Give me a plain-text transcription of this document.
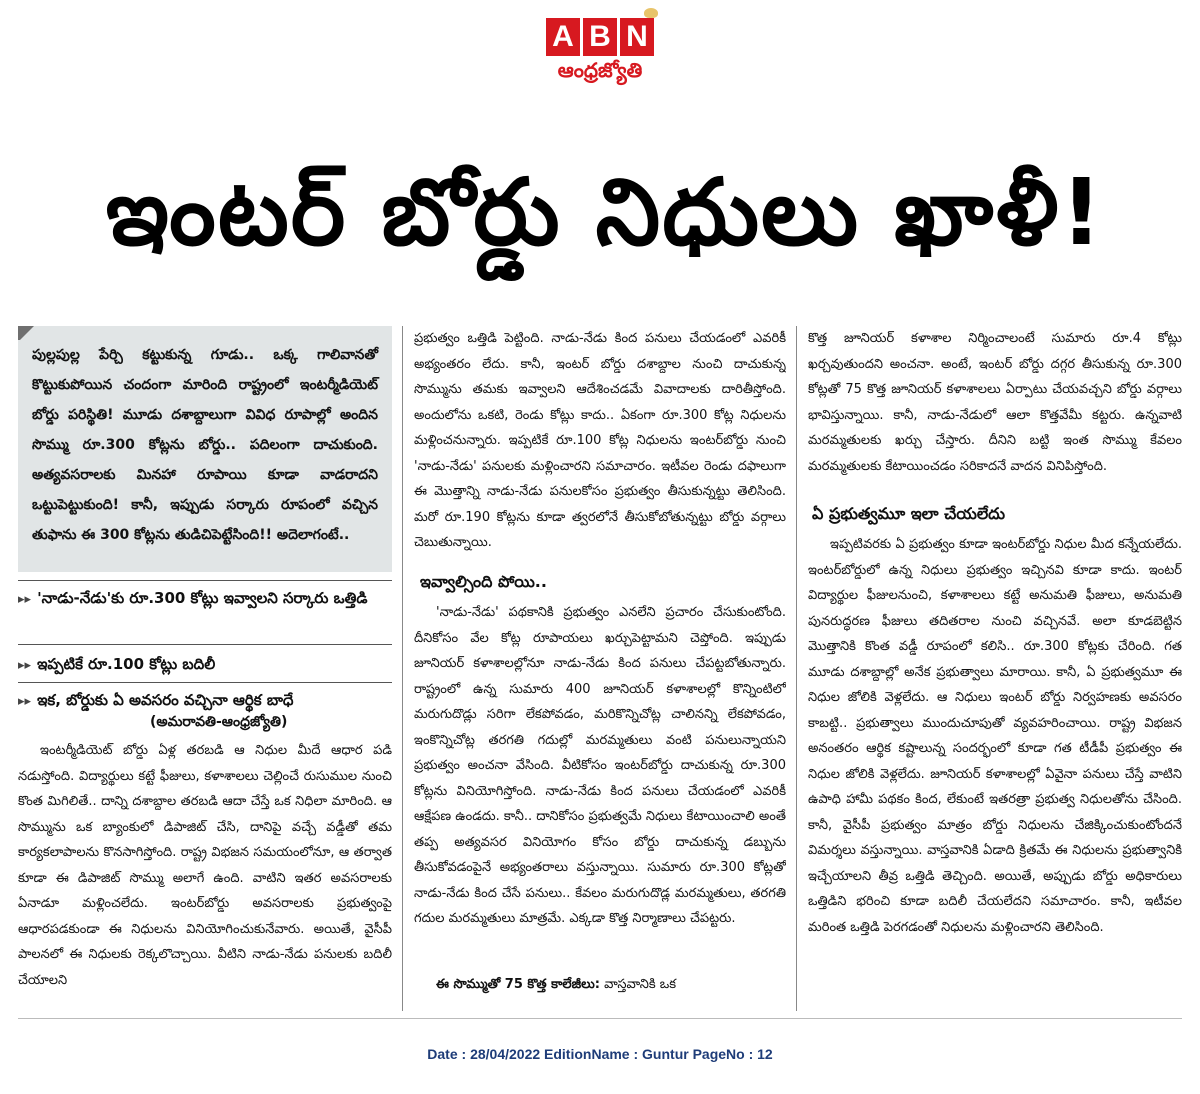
A B N
ఆంధ్రజ్యోతి
ఇంటర్ బోర్డు నిధులు ఖాళీ!

పుల్లపుల్ల పేర్చి కట్టుకున్న గూడు.. ఒక్క గాలివానతో కొట్టుకుపోయిన చందంగా మారింది రాష్ట్రంలో ఇంటర్మీడియెట్ బోర్డు పరిస్థితి! మూడు దశాబ్దాలుగా వివిధ రూపాల్లో అందిన సొమ్ము రూ.300 కోట్లను బోర్డు.. పదిలంగా దాచుకుంది. అత్యవసరాలకు మినహా రూపాయి కూడా వాడరాదని ఒట్టుపెట్టుకుంది! కానీ, ఇప్పుడు సర్కారు రూపంలో వచ్చిన తుఫాను ఈ 300 కోట్లను తుడిచిపెట్టేసింది!! అదెలాగంటే..

▸▸ 'నాడు-నేడు'కు రూ.300 కోట్లు ఇవ్వాలని సర్కారు ఒత్తిడి
▸▸ ఇప్పటికే రూ.100 కోట్లు బదిలీ
▸▸ ఇక, బోర్డుకు ఏ అవసరం వచ్చినా ఆర్థిక బాధే
(అమరావతి-ఆంధ్రజ్యోతి)

ఇంటర్మీడియెట్ బోర్డు ఏళ్ల తరబడి ఆ నిధుల మీదే ఆధార పడి నడుస్తోంది. విద్యార్థులు కట్టే ఫీజులు, కళాశాలలు చెల్లించే రుసుముల నుంచి కొంత మిగిలితే.. దాన్ని దశాబ్దాల తరబడి ఆదా చేస్తే ఒక నిధిలా మారింది. ఆ సొమ్మును ఒక బ్యాంకులో డిపాజిట్ చేసి, దానిపై వచ్చే వడ్డీతో తమ కార్యకలాపాలను కొనసాగిస్తోంది. రాష్ట్ర విభజన సమయంలోనూ, ఆ తర్వాత కూడా ఈ డిపాజిట్ సొమ్ము అలాగే ఉంది. వాటిని ఇతర అవసరాలకు ఏనాడూ మళ్లించలేదు. ఇంటర్‌బోర్డు అవసరాలకు ప్రభుత్వంపై ఆధారపడకుండా ఈ నిధులను వినియోగించుకునేవారు. అయితే, వైసీపీ పాలనలో ఈ నిధులకు రెక్కలొచ్చాయి. వీటిని నాడు-నేడు పనులకు బదిలీ చేయాలని

ప్రభుత్వం ఒత్తిడి పెట్టింది. నాడు-నేడు కింద పనులు చేయడంలో ఎవరికీ అభ్యంతరం లేదు. కానీ, ఇంటర్ బోర్డు దశాబ్దాల నుంచి దాచుకున్న సొమ్మును తమకు ఇవ్వాలని ఆదేశించడమే వివాదాలకు దారితీస్తోంది. అందులోను ఒకటి, రెండు కోట్లు కాదు.. ఏకంగా రూ.300 కోట్ల నిధులను మళ్లించనున్నారు. ఇప్పటికే రూ.100 కోట్ల నిధులను ఇంటర్‌బోర్డు నుంచి 'నాడు-నేడు' పనులకు మళ్లించారని సమాచారం. ఇటీవల రెండు దఫాలుగా ఈ మొత్తాన్ని నాడు-నేడు పనులకోసం ప్రభుత్వం తీసుకున్నట్టు తెలిసింది. మరో రూ.190 కోట్లను కూడా త్వరలోనే తీసుకోబోతున్నట్టు బోర్డు వర్గాలు చెబుతున్నాయి.

ఇవ్వాల్సింది పోయి..

'నాడు-నేడు' పథకానికి ప్రభుత్వం ఎనలేని ప్రచారం చేసుకుంటోంది. దీనికోసం వేల కోట్ల రూపాయలు ఖర్చుపెట్టామని చెప్తోంది. ఇప్పుడు జూనియర్ కళాశాలల్లోనూ నాడు-నేడు కింద పనులు చేపట్టబోతున్నారు. రాష్ట్రంలో ఉన్న సుమారు 400 జూనియర్ కళాశాలల్లో కొన్నింటిలో మరుగుదొడ్లు సరిగా లేకపోవడం, మరికొన్నిచోట్ల చాలినన్ని లేకపోవడం, ఇంకొన్నిచోట్ల తరగతి గదుల్లో మరమ్మతులు వంటి పనులున్నాయని ప్రభుత్వం అంచనా వేసింది. వీటికోసం ఇంటర్‌బోర్డు దాచుకున్న రూ.300 కోట్లను వినియోగిస్తోంది. నాడు-నేడు కింద పనులు చేయడంలో ఎవరికీ ఆక్షేపణ ఉండదు. కానీ.. దానికోసం ప్రభుత్వమే నిధులు కేటాయించాలి అంతే తప్ప అత్యవసర వినియోగం కోసం బోర్డు దాచుకున్న డబ్బును తీసుకోవడంపైనే అభ్యంతరాలు వస్తున్నాయి. సుమారు రూ.300 కోట్లతో నాడు-నేడు కింద చేసే పనులు.. కేవలం మరుగుదొడ్ల మరమ్మతులు, తరగతి గదుల మరమ్మతులు మాత్రమే. ఎక్కడా కొత్త నిర్మాణాలు చేపట్టరు.

ఈ సొమ్ముతో 75 కొత్త కాలేజీలు: వాస్తవానికి ఒక

కొత్త జూనియర్ కళాశాల నిర్మించాలంటే సుమారు రూ.4 కోట్లు ఖర్చవుతుందని అంచనా. అంటే, ఇంటర్ బోర్డు దగ్గర తీసుకున్న రూ.300 కోట్లతో 75 కొత్త జూనియర్ కళాశాలలు ఏర్పాటు చేయవచ్చని బోర్డు వర్గాలు భావిస్తున్నాయి. కానీ, నాడు-నేడులో ఆలా కొత్తవేమీ కట్టరు. ఉన్నవాటి మరమ్మతులకు ఖర్చు చేస్తారు. దీనిని బట్టి ఇంత సొమ్ము కేవలం మరమ్మతులకు కేటాయించడం సరికాదనే వాదన వినిపిస్తోంది.

ఏ ప్రభుత్వమూ ఇలా చేయలేదు

ఇప్పటివరకు ఏ ప్రభుత్వం కూడా ఇంటర్‌బోర్డు నిధుల మీద కన్నేయలేదు. ఇంటర్‌బోర్డులో ఉన్న నిధులు ప్రభుత్వం ఇచ్చినవి కూడా కాదు. ఇంటర్ విద్యార్థుల ఫీజులనుంచి, కళాశాలలు కట్టే అనుమతి ఫీజులు, అనుమతి పునరుద్ధరణ ఫీజులు తదితరాల నుంచి వచ్చినవే. అలా కూడబెట్టిన మొత్తానికి కొంత వడ్డీ రూపంలో కలిసి.. రూ.300 కోట్లకు చేరింది. గత మూడు దశాబ్దాల్లో అనేక ప్రభుత్వాలు మారాయి. కానీ, ఏ ప్రభుత్వమూ ఈ నిధుల జోలికి వెళ్లలేదు. ఆ నిధులు ఇంటర్ బోర్డు నిర్వహణకు అవసరం కాబట్టి.. ప్రభుత్వాలు ముందుచూపుతో వ్యవహరించాయి. రాష్ట్ర విభజన అనంతరం ఆర్థిక కష్టాలున్న సందర్భంలో కూడా గత టీడీపీ ప్రభుత్వం ఈ నిధుల జోలికి వెళ్లలేదు. జూనియర్ కళాశాలల్లో ఏవైనా పనులు చేస్తే వాటిని ఉపాధి హామీ పథకం కింద, లేకుంటే ఇతరత్రా ప్రభుత్వ నిధులతోను చేసింది. కానీ, వైసీపీ ప్రభుత్వం మాత్రం బోర్డు నిధులను చేజిక్కించుకుంటోందనే విమర్శలు వస్తున్నాయి. వాస్తవానికి ఏడాది క్రితమే ఈ నిధులను ప్రభుత్వానికి ఇచ్చేయాలని తీవ్ర ఒత్తిడి తెచ్చింది. అయితే, అప్పుడు బోర్డు అధికారులు ఒత్తిడిని భరించి కూడా బదిలీ చేయలేదని సమాచారం. కానీ, ఇటీవల మరింత ఒత్తిడి పెరగడంతో నిధులను మళ్లించారని తెలిసింది.

Date : 28/04/2022 EditionName : Guntur PageNo : 12
